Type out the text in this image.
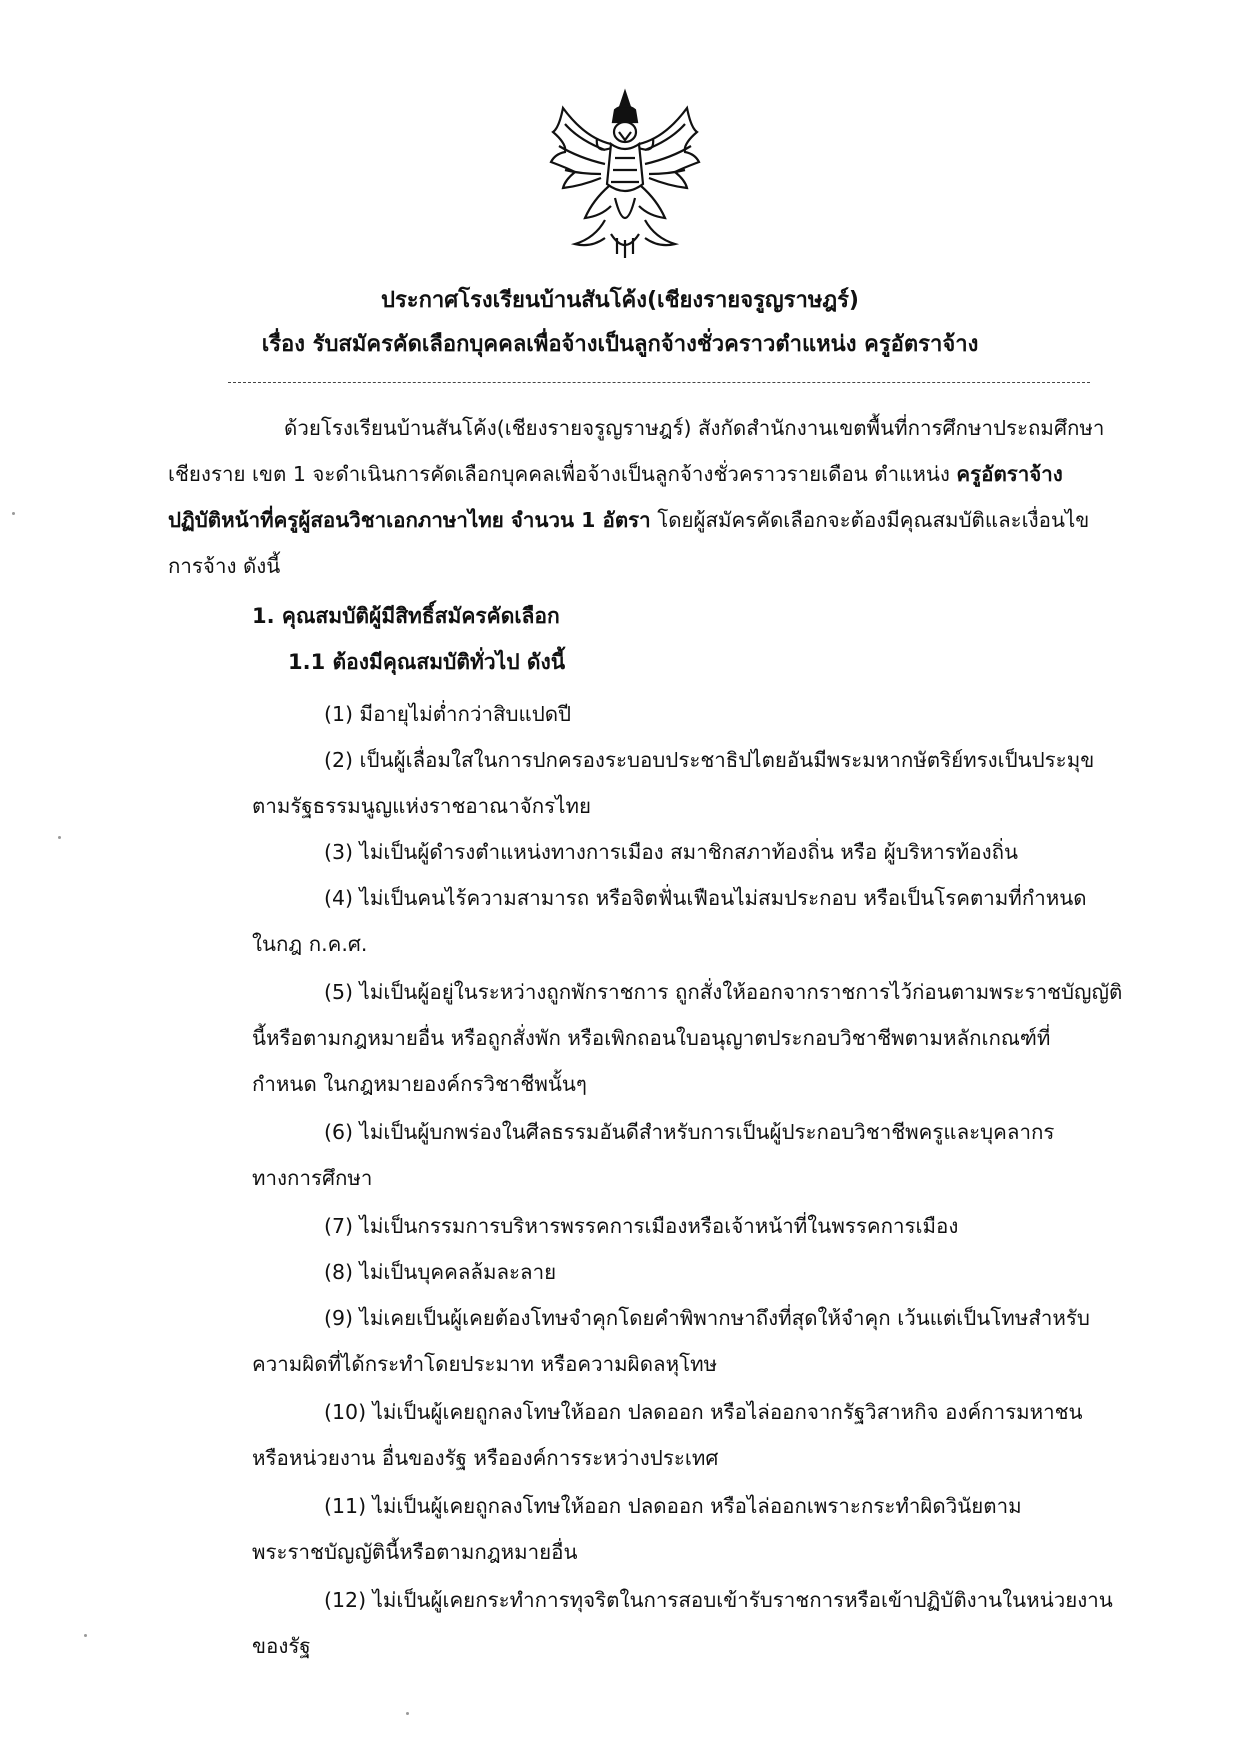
ประกาศโรงเรียนบ้านสันโค้ง(เชียงรายจรูญราษฎร์)
เรื่อง รับสมัครคัดเลือกบุคคลเพื่อจ้างเป็นลูกจ้างชั่วคราวตำแหน่ง ครูอัตราจ้าง
ด้วยโรงเรียนบ้านสันโค้ง(เชียงรายจรูญราษฎร์) สังกัดสำนักงานเขตพื้นที่การศึกษาประถมศึกษา
เชียงราย เขต 1 จะดำเนินการคัดเลือกบุคคลเพื่อจ้างเป็นลูกจ้างชั่วคราวรายเดือน ตำแหน่ง ครูอัตราจ้าง
ปฏิบัติหน้าที่ครูผู้สอนวิชาเอกภาษาไทย จำนวน 1 อัตรา โดยผู้สมัครคัดเลือกจะต้องมีคุณสมบัติและเงื่อนไข
การจ้าง ดังนี้
1. คุณสมบัติผู้มีสิทธิ์สมัครคัดเลือก
1.1 ต้องมีคุณสมบัติทั่วไป ดังนี้
(1) มีอายุไม่ต่ำกว่าสิบแปดปี
(2) เป็นผู้เลื่อมใสในการปกครองระบอบประชาธิปไตยอันมีพระมหากษัตริย์ทรงเป็นประมุข
ตามรัฐธรรมนูญแห่งราชอาณาจักรไทย
(3) ไม่เป็นผู้ดำรงตำแหน่งทางการเมือง สมาชิกสภาท้องถิ่น หรือ ผู้บริหารท้องถิ่น
(4) ไม่เป็นคนไร้ความสามารถ หรือจิตฟั่นเฟือนไม่สมประกอบ หรือเป็นโรคตามที่กำหนด
ในกฎ ก.ค.ศ.
(5) ไม่เป็นผู้อยู่ในระหว่างถูกพักราชการ ถูกสั่งให้ออกจากราชการไว้ก่อนตามพระราชบัญญัติ
นี้หรือตามกฎหมายอื่น หรือถูกสั่งพัก หรือเพิกถอนใบอนุญาตประกอบวิชาชีพตามหลักเกณฑ์ที่
กำหนด ในกฎหมายองค์กรวิชาชีพนั้นๆ
(6) ไม่เป็นผู้บกพร่องในศีลธรรมอันดีสำหรับการเป็นผู้ประกอบวิชาชีพครูและบุคลากร
ทางการศึกษา
(7) ไม่เป็นกรรมการบริหารพรรคการเมืองหรือเจ้าหน้าที่ในพรรคการเมือง
(8) ไม่เป็นบุคคลล้มละลาย
(9) ไม่เคยเป็นผู้เคยต้องโทษจำคุกโดยคำพิพากษาถึงที่สุดให้จำคุก เว้นแต่เป็นโทษสำหรับ
ความผิดที่ได้กระทำโดยประมาท หรือความผิดลหุโทษ
(10) ไม่เป็นผู้เคยถูกลงโทษให้ออก ปลดออก หรือไล่ออกจากรัฐวิสาหกิจ องค์การมหาชน
หรือหน่วยงาน อื่นของรัฐ หรือองค์การระหว่างประเทศ
(11) ไม่เป็นผู้เคยถูกลงโทษให้ออก ปลดออก หรือไล่ออกเพราะกระทำผิดวินัยตาม
พระราชบัญญัตินี้หรือตามกฎหมายอื่น
(12) ไม่เป็นผู้เคยกระทำการทุจริตในการสอบเข้ารับราชการหรือเข้าปฏิบัติงานในหน่วยงาน
ของรัฐ
